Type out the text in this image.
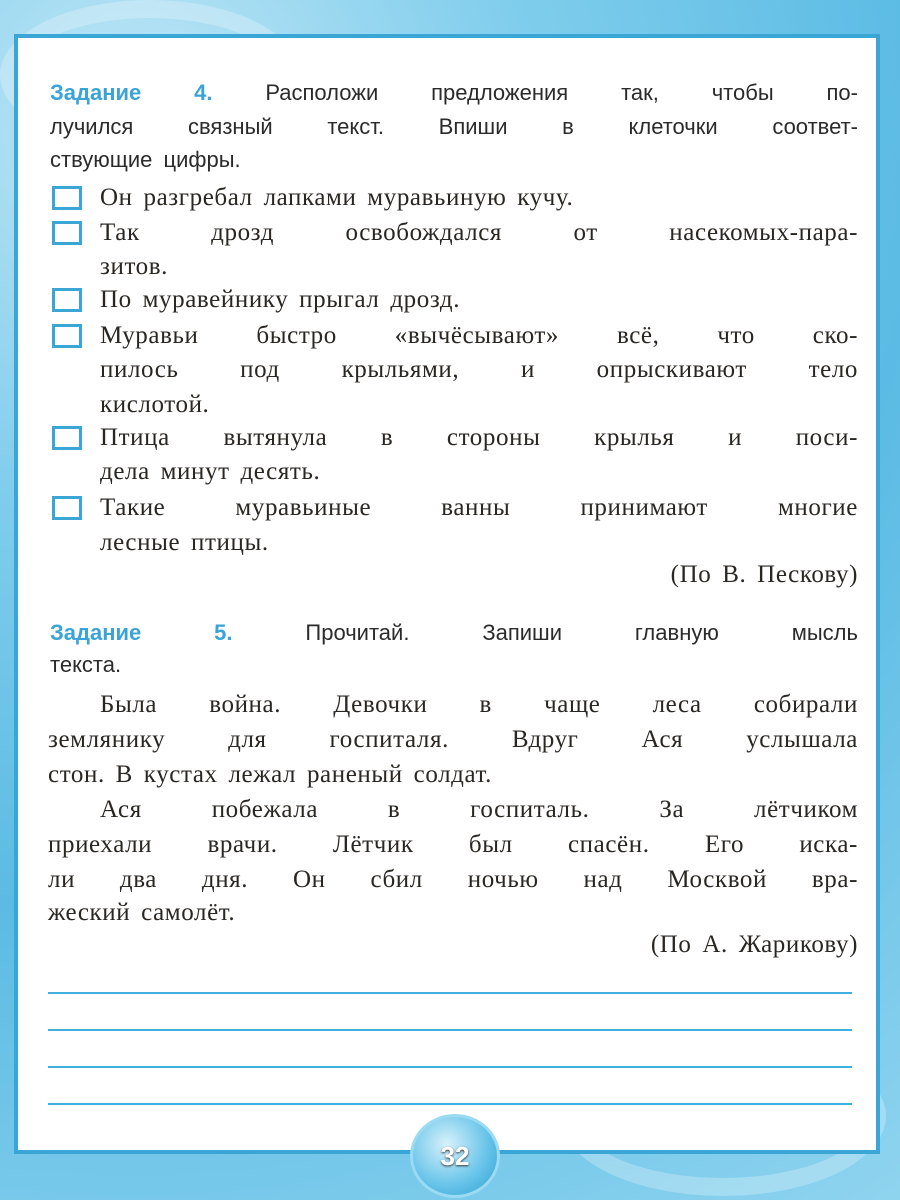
Задание 4. Расположи предложения так, чтобы по-
лучился связный текст. Впиши в клеточки соответ-
ствующие цифры.
Он разгребал лапками муравьиную кучу.
Так дрозд освобождался от насекомых-пара-
зитов.
По муравейнику прыгал дрозд.
Муравьи быстро «вычёсывают» всё, что ско-
пилось под крыльями, и опрыскивают тело
кислотой.
Птица вытянула в стороны крылья и поси-
дела минут десять.
Такие муравьиные ванны принимают многие
лесные птицы.
(По В. Пескову)
Задание 5.	Прочитай. Запиши главную мысль
текста.
Была война. Девочки в чаще леса собирали
землянику для госпиталя. Вдруг Ася услышала
стон. В кустах лежал раненый солдат.
Ася побежала в госпиталь. За лётчиком
приехали врачи. Лётчик был спасён. Его иска-
ли два дня. Он сбил ночью над Москвой вра-
жеский самолёт.
(По А. Жарикову)
32
